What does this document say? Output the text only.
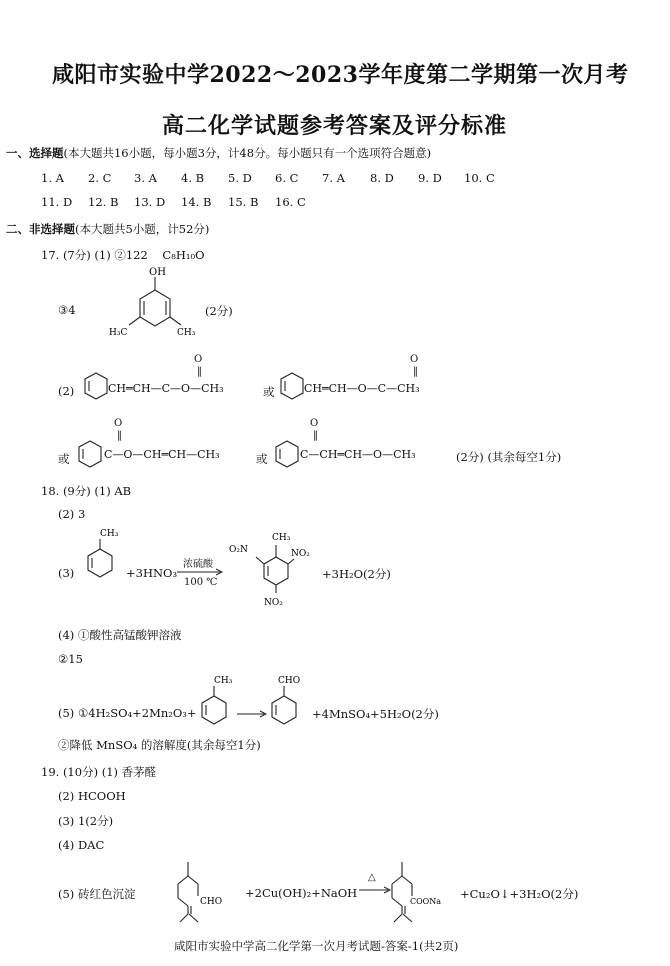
咸阳市实验中学2022～2023学年度第二学期第一次月考
高二化学试题参考答案及评分标准
一、选择题(本大题共16小题，每小题3分，计48分。每小题只有一个选项符合题意)
1. A 2. C 3. A 4. B 5. D 6. C 7. A 8. D 9. D 10. C
11. D 12. B 13. D 14. B 15. B 16. C
二、非选择题(本大题共5小题，计52分)
17. (7分) (1) ②122 C₈H₁₀O
③4
OH
H₃C	CH₃
(2分)
(2)	CH═CH—C—O—CH₃
O
‖
或	CH═CH—O—C—CH₃
O
‖
或	C—O—CH═CH—CH₃
O
‖
或	C—CH═CH—O—CH₃
O
‖
(2分) (其余每空1分)
18. (9分) (1) AB
(2) 3
(3)
CH₃
+3HNO₃
浓硫酸
100 ℃
CH₃
O₂N	NO₂
NO₂
+3H₂O(2分)
(4) ①酸性高锰酸钾溶液
②15
(5) ①4H₂SO₄+2Mn₂O₃+
CH₃	CHO
+4MnSO₄+5H₂O(2分)
②降低 MnSO₄ 的溶解度(其余每空1分)
19. (10分) (1) 香茅醛
(2) HCOOH
(3) 1(2分)
(4) DAC
(5) 砖红色沉淀
CHO
+2Cu(OH)₂+NaOH
△
COONa
+Cu₂O↓+3H₂O(2分)
咸阳市实验中学高二化学第一次月考试题-答案-1(共2页)
